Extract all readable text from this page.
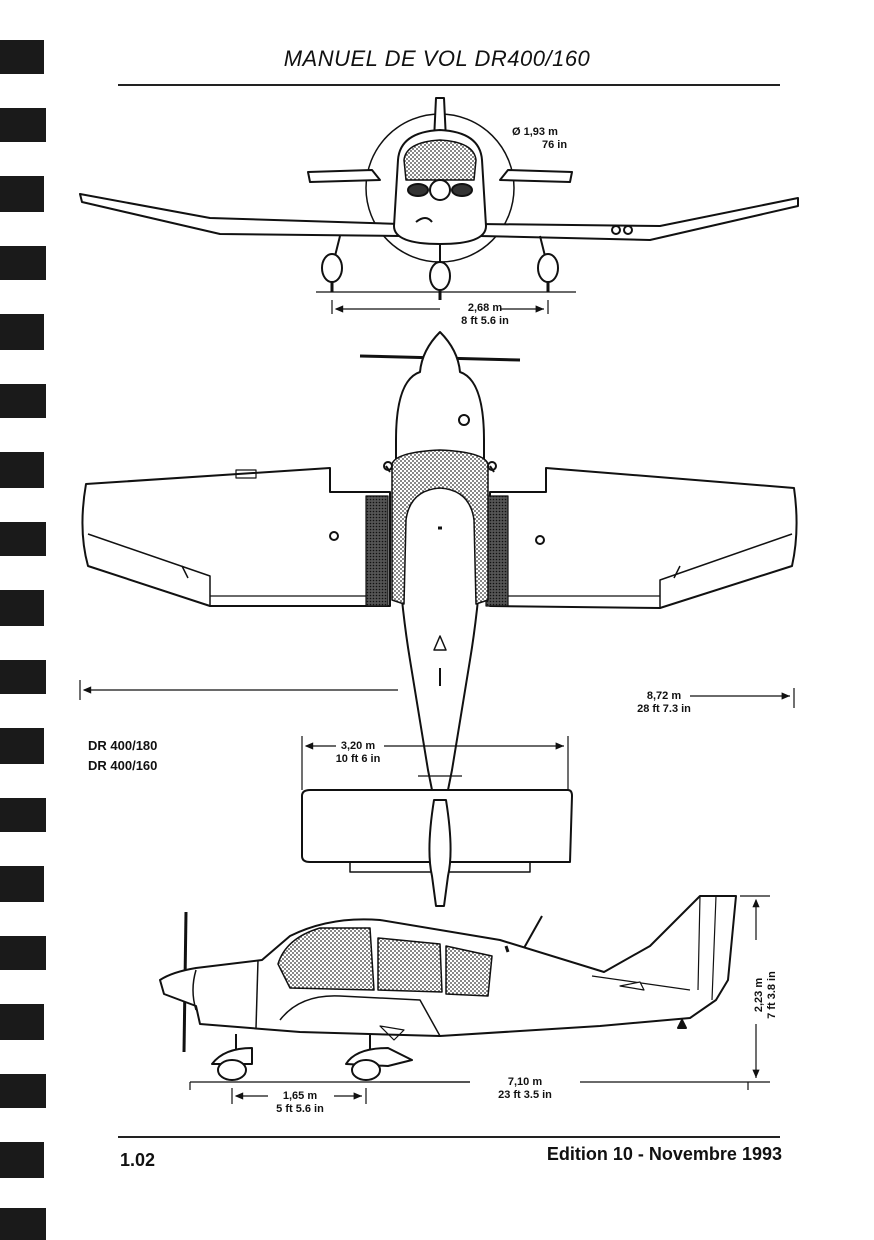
MANUEL DE VOL DR400/160
Ø 1,93 m
76 in
2,68 m
8 ft 5.6 in
8,72 m
28 ft 7.3 in
3,20 m
10 ft 6 in
DR 400/180
DR 400/160
1,65 m
5 ft 5.6 in
7,10 m
23 ft 3.5 in
2,23 m 7 ft 3.8 in
1.02	Edition 10 - Novembre 1993
